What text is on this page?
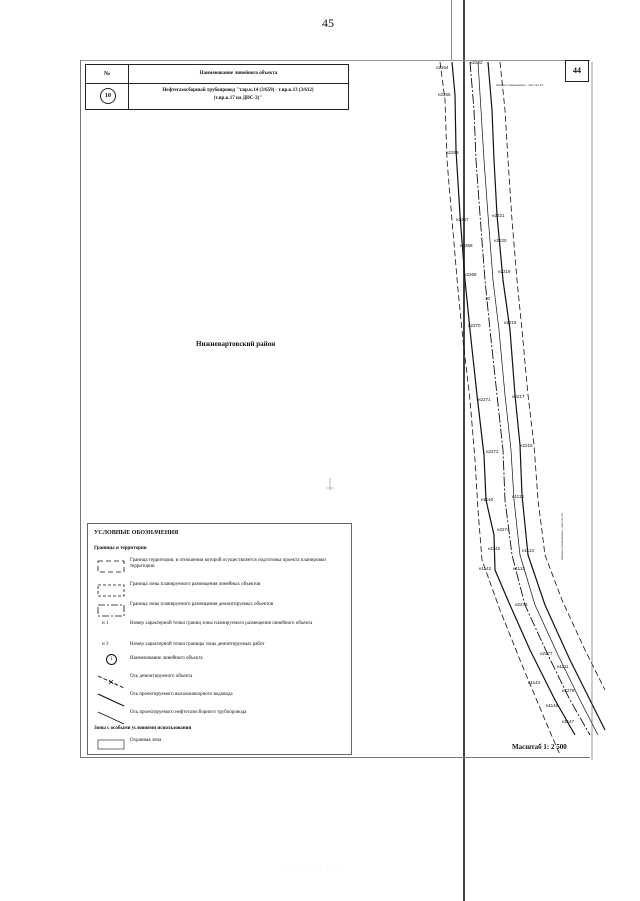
45
№	Наименование линейного объекта
10
Нефтегазосборный трубопровод "т.вр.к.14 (3/659) - т.вр.к.13 (3/612)
(т.вр.к.17 на ДНС-2)"
Нижневартовский район
44
Линия совмещения с листом 43
Линия совмещения с листом 45
н2222
н2264
н2265
н2266
н2267
н2221
н2268
н2220
н2269
н2219
10
н2270
н2218
н2271
н2217
н2272
н2216
н1140
н1114
н2274
н1142	н1113
н1142	н1112
н2276
н2277
н1111
н1144
н2278
н1146
н1147
Масштаб 1: 2 500
УСЛОВНЫЕ ОБОЗНАЧЕНИЯ
Границы и территории
Граница территории, в отношении которой осуществляется подготовка проекта планировки территории
Граница зоны планируемого размещения линейных объектов
Граница зоны планируемого размещения демонтируемых объектов
н 1	Номер характерной точки границ зоны планируемого размещения линейного объекта
н 3	Номер характерной точки границы зоны демонтируемых работ
1	Наименование линейного объекта
Ось демонтируемого объекта
Ось проектируемого высоконапорного водовода
Ось проектируемого нефтегазосборного трубопровода
Зоны с особыми условиями использования
Охранная зона
· · · · · · · · ·
